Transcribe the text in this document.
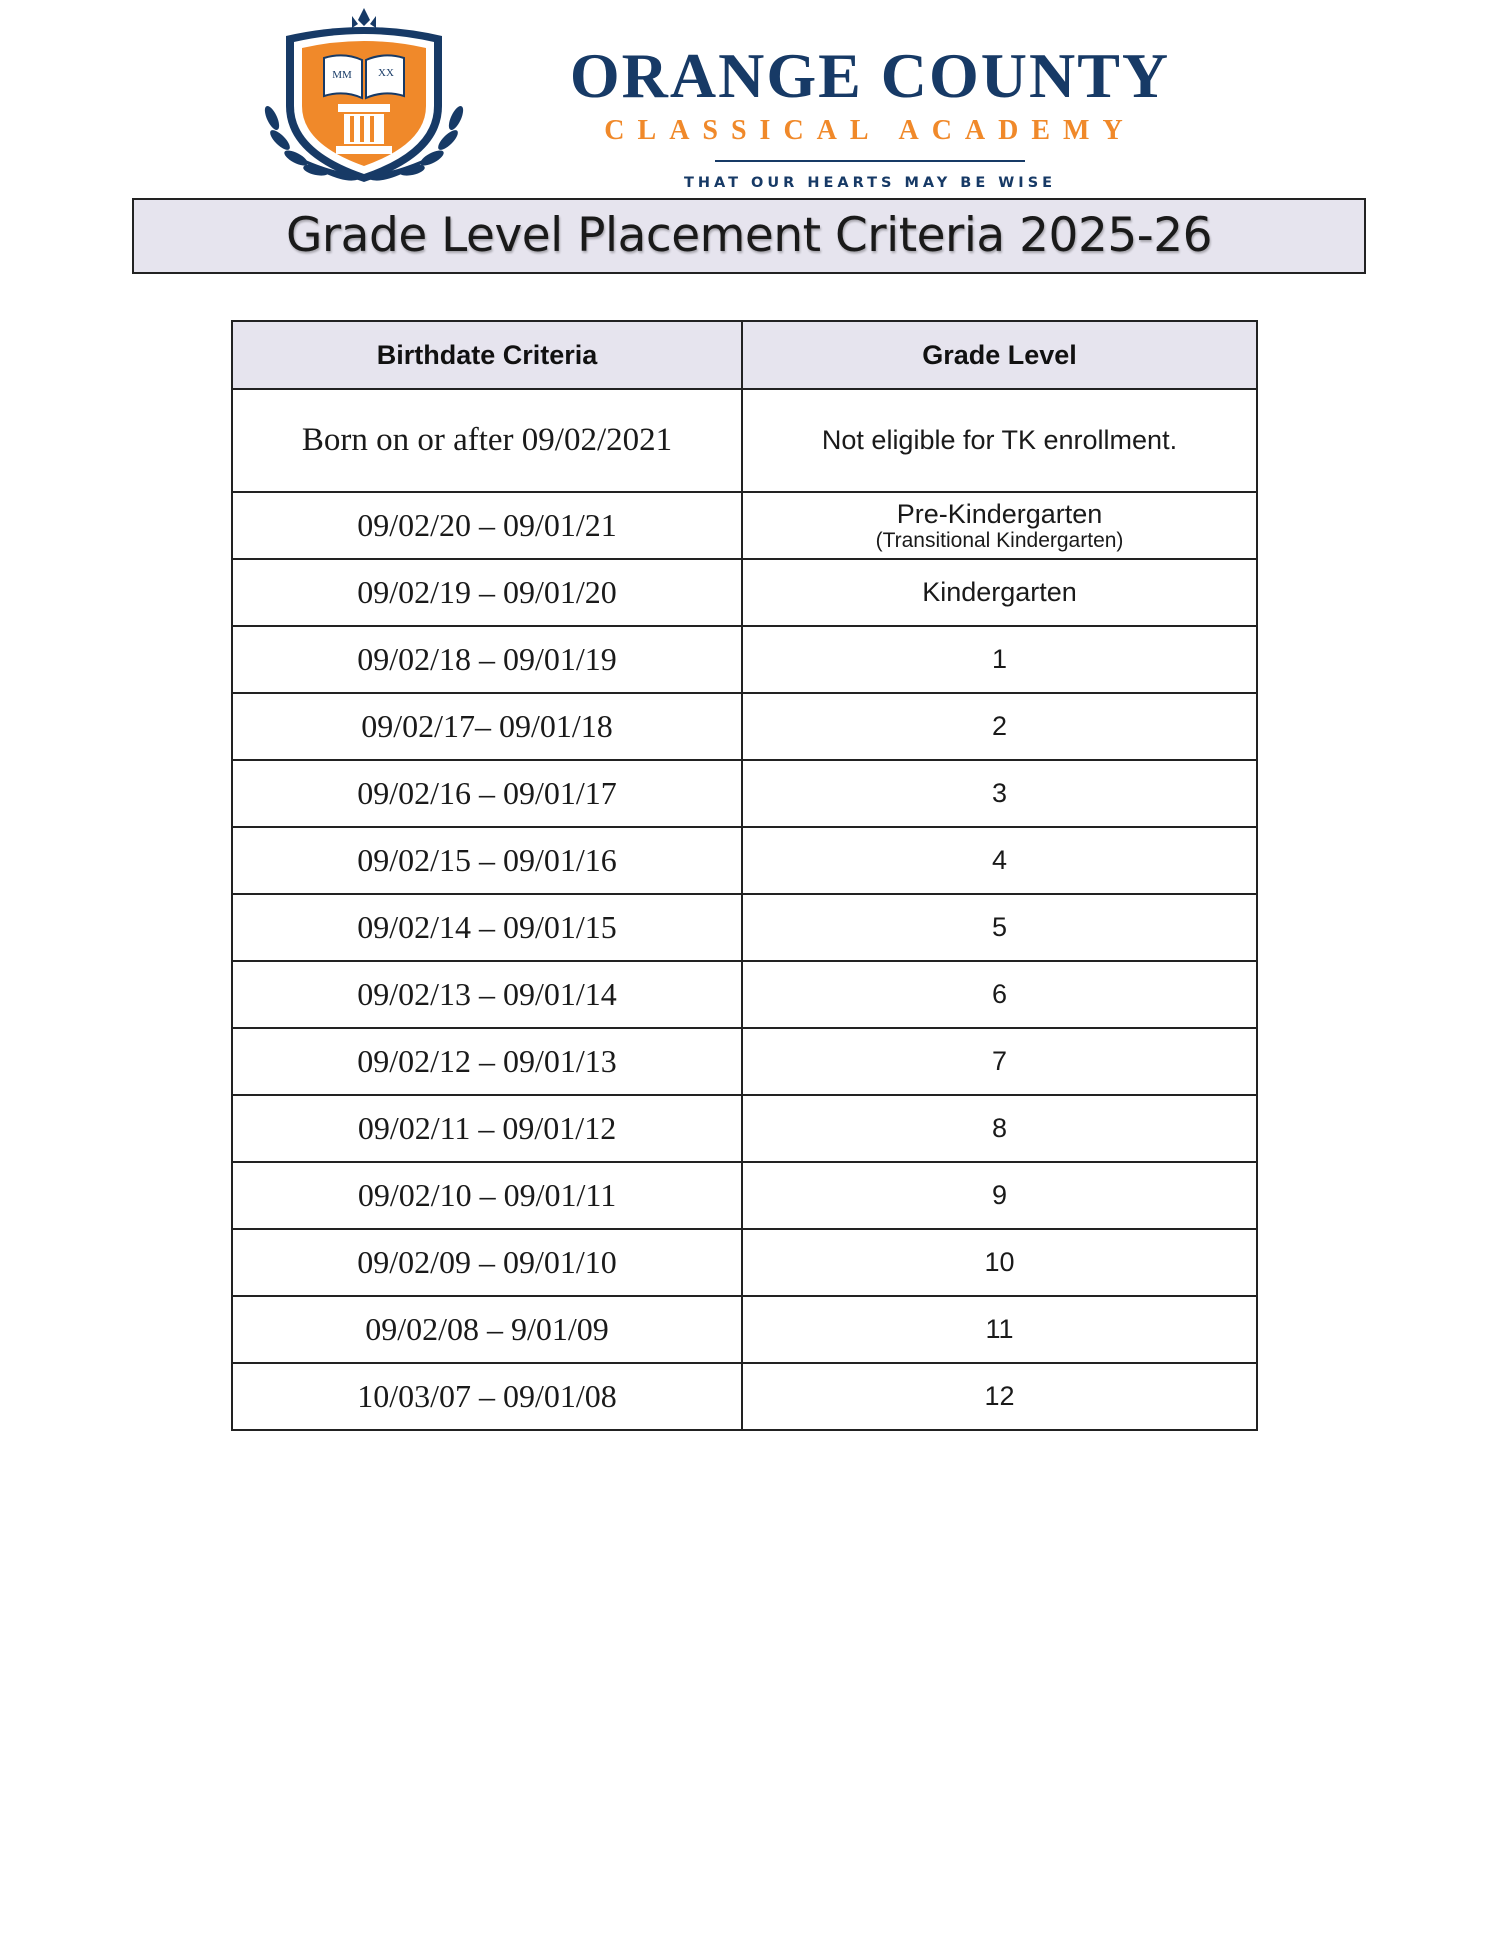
MM XX	ORANGE COUNTY

CLASSICAL ACADEMY

THAT OUR HEARTS MAY BE WISE

Grade Level Placement Criteria 2025-26
Birthdate Criteria	Grade Level
Born on or after 09/02/2021	Not eligible for TK enrollment.
09/02/20 – 09/01/21	Pre-Kindergarten
(Transitional Kindergarten)

09/02/19 – 09/01/20	Kindergarten
09/02/18 – 09/01/19	1
09/02/17– 09/01/18	2
09/02/16 – 09/01/17	3
09/02/15 – 09/01/16	4
09/02/14 – 09/01/15	5
09/02/13 – 09/01/14	6
09/02/12 – 09/01/13	7
09/02/11 – 09/01/12	8
09/02/10 – 09/01/11	9
09/02/09 – 09/01/10	10
09/02/08 – 9/01/09	11
10/03/07 – 09/01/08	12
